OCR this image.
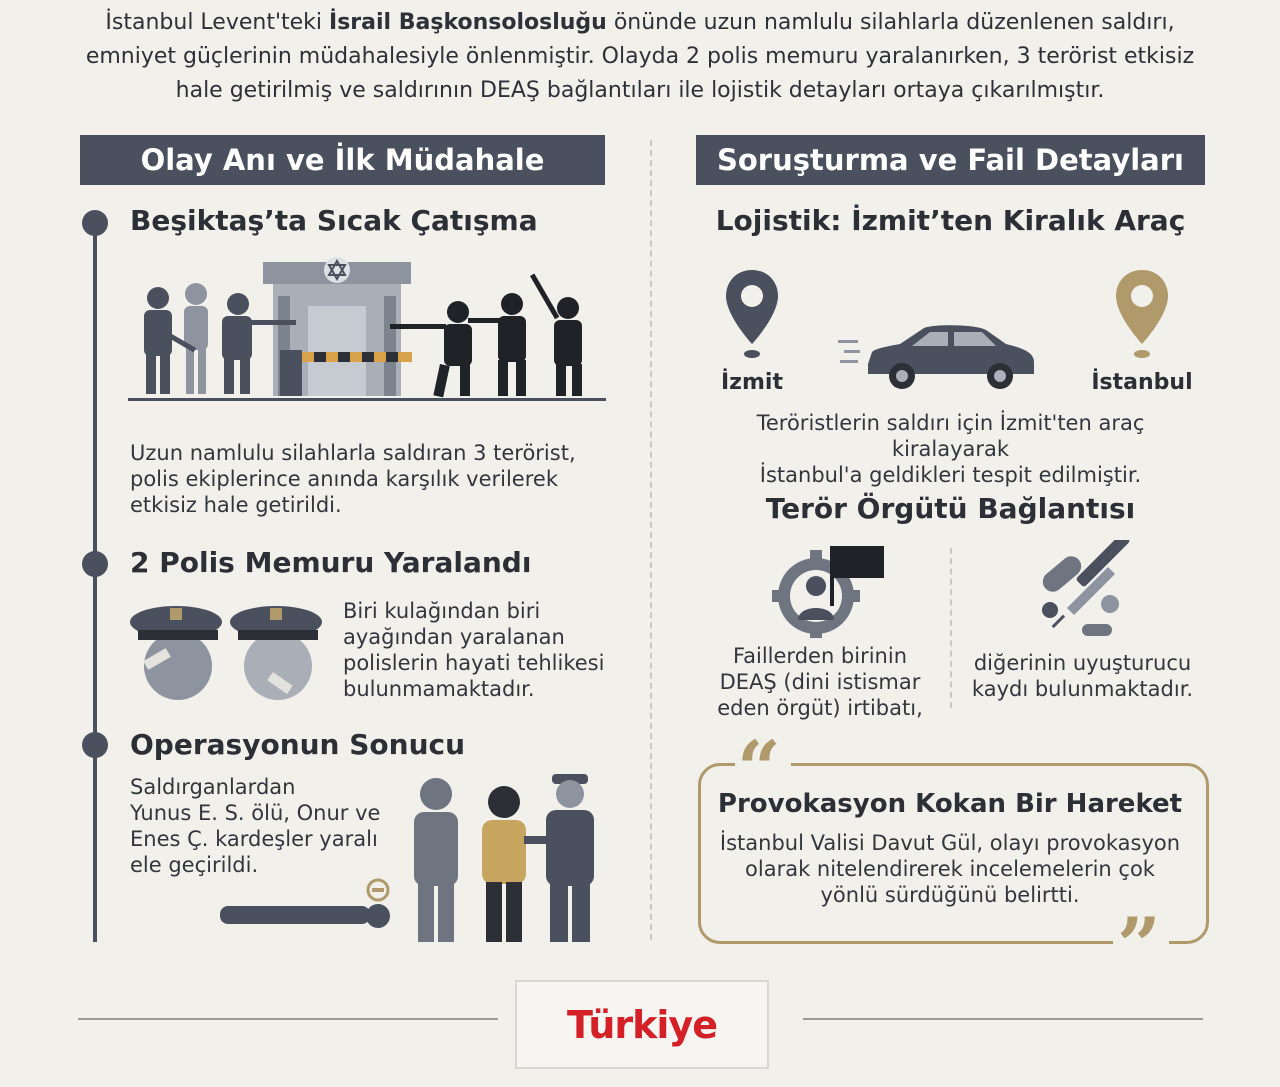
İstanbul Levent'teki İsrail Başkonsolosluğu önünde uzun namlulu silahlarla düzenlenen saldırı,
emniyet güçlerinin müdahalesiyle önlenmiştir. Olayda 2 polis memuru yaralanırken, 3 terörist etkisiz
hale getirilmiş ve saldırının DEAŞ bağlantıları ile lojistik detayları ortaya çıkarılmıştır.

Olay Anı ve İlk Müdahale	Soruşturma ve Fail Detayları
Beşiktaş’ta Sıcak Çatışma
Uzun namlulu silahlarla saldıran 3 terörist,
polis ekiplerince anında karşılık verilerek
etkisiz hale getirildi.
2 Polis Memuru Yaralandı
Biri kulağından biri
ayağından yaralanan
polislerin hayati tehlikesi
bulunmamaktadır.
Operasyonun Sonucu
Saldırganlardan
Yunus E. S. ölü, Onur ve
Enes Ç. kardeşler yaralı
ele geçirildi.
Lojistik: İzmit’ten Kiralık Araç
İzmit	İstanbul
Teröristlerin saldırı için İzmit'ten araç kiralayarak
İstanbul'a geldikleri tespit edilmiştir.
Terör Örgütü Bağlantısı
Faillerden birinin
DEAŞ (dini istismar
eden örgüt) irtibatı,
diğerinin uyuşturucu
kaydı bulunmaktadır.
“
”
Provokasyon Kokan Bir Hareket
İstanbul Valisi Davut Gül, olayı provokasyon
olarak nitelendirerek incelemelerin çok
yönlü sürdüğünü belirtti.
Türkiye
